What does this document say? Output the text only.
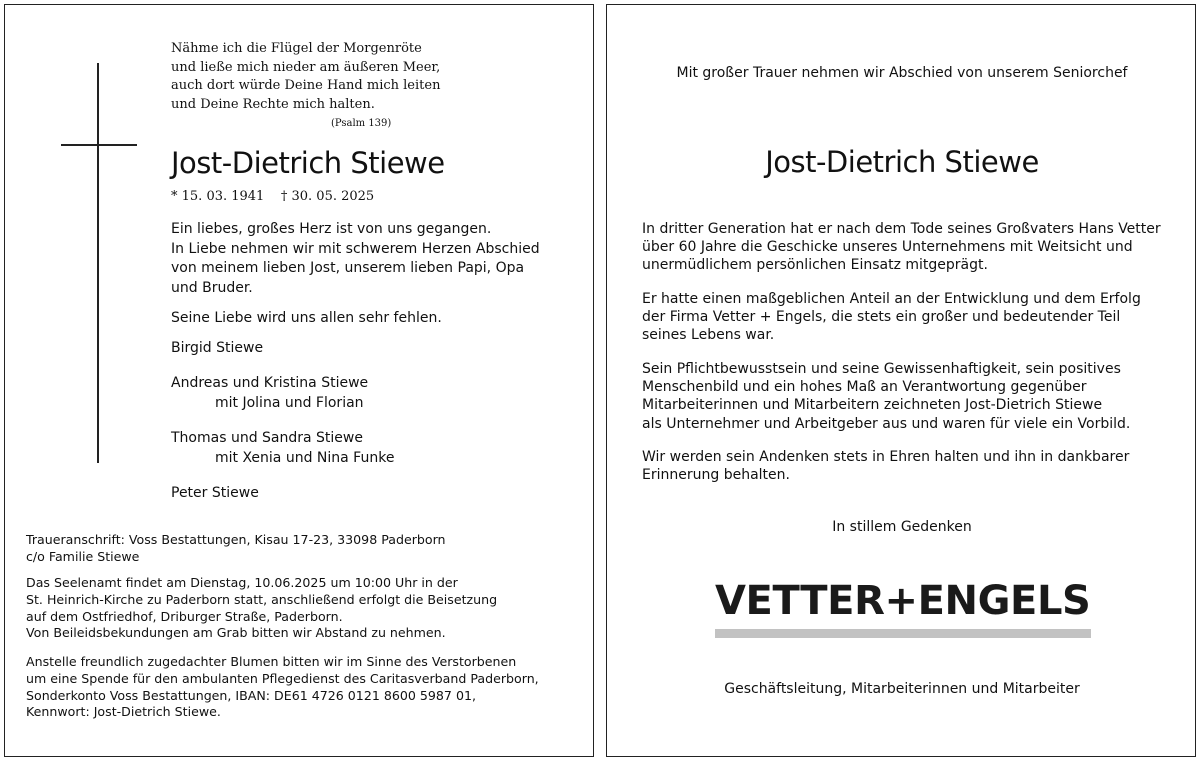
Nähme ich die Flügel der Morgenröte
und ließe mich nieder am äußeren Meer,
auch dort würde Deine Hand mich leiten
und Deine Rechte mich halten.
(Psalm 139)
Jost-Dietrich Stiewe
* 15. 03. 1941    † 30. 05. 2025
Ein liebes, großes Herz ist von uns gegangen.
In Liebe nehmen wir mit schwerem Herzen Abschied
von meinem lieben Jost, unserem lieben Papi, Opa
und Bruder.
Seine Liebe wird uns allen sehr fehlen.
Birgid Stiewe
Andreas und Kristina Stiewe
mit Jolina und Florian
Thomas und Sandra Stiewe
mit Xenia und Nina Funke
Peter Stiewe
Traueranschrift: Voss Bestattungen, Kisau 17-23, 33098 Paderborn
c/o Familie Stiewe
Das Seelenamt findet am Dienstag, 10.06.2025 um 10:00 Uhr in der
St. Heinrich-Kirche zu Paderborn statt, anschließend erfolgt die Beisetzung
auf dem Ostfriedhof, Driburger Straße, Paderborn.
Von Beileidsbekundungen am Grab bitten wir Abstand zu nehmen.
Anstelle freundlich zugedachter Blumen bitten wir im Sinne des Verstorbenen
um eine Spende für den ambulanten Pflegedienst des Caritasverband Paderborn,
Sonderkonto Voss Bestattungen, IBAN: DE61 4726 0121 8600 5987 01,
Kennwort: Jost-Dietrich Stiewe.
Mit großer Trauer nehmen wir Abschied von unserem Seniorchef
Jost-Dietrich Stiewe
In dritter Generation hat er nach dem Tode seines Großvaters Hans Vetter
über 60 Jahre die Geschicke unseres Unternehmens mit Weitsicht und
unermüdlichem persönlichen Einsatz mitgeprägt.
Er hatte einen maßgeblichen Anteil an der Entwicklung und dem Erfolg
der Firma Vetter + Engels, die stets ein großer und bedeutender Teil
seines Lebens war.
Sein Pflichtbewusstsein und seine Gewissenhaftigkeit, sein positives
Menschenbild und ein hohes Maß an Verantwortung gegenüber
Mitarbeiterinnen und Mitarbeitern zeichneten Jost-Dietrich Stiewe
als Unternehmer und Arbeitgeber aus und waren für viele ein Vorbild.
Wir werden sein Andenken stets in Ehren halten und ihn in dankbarer
Erinnerung behalten.
In stillem Gedenken
VETTER+ENGELS
Geschäftsleitung, Mitarbeiterinnen und Mitarbeiter
